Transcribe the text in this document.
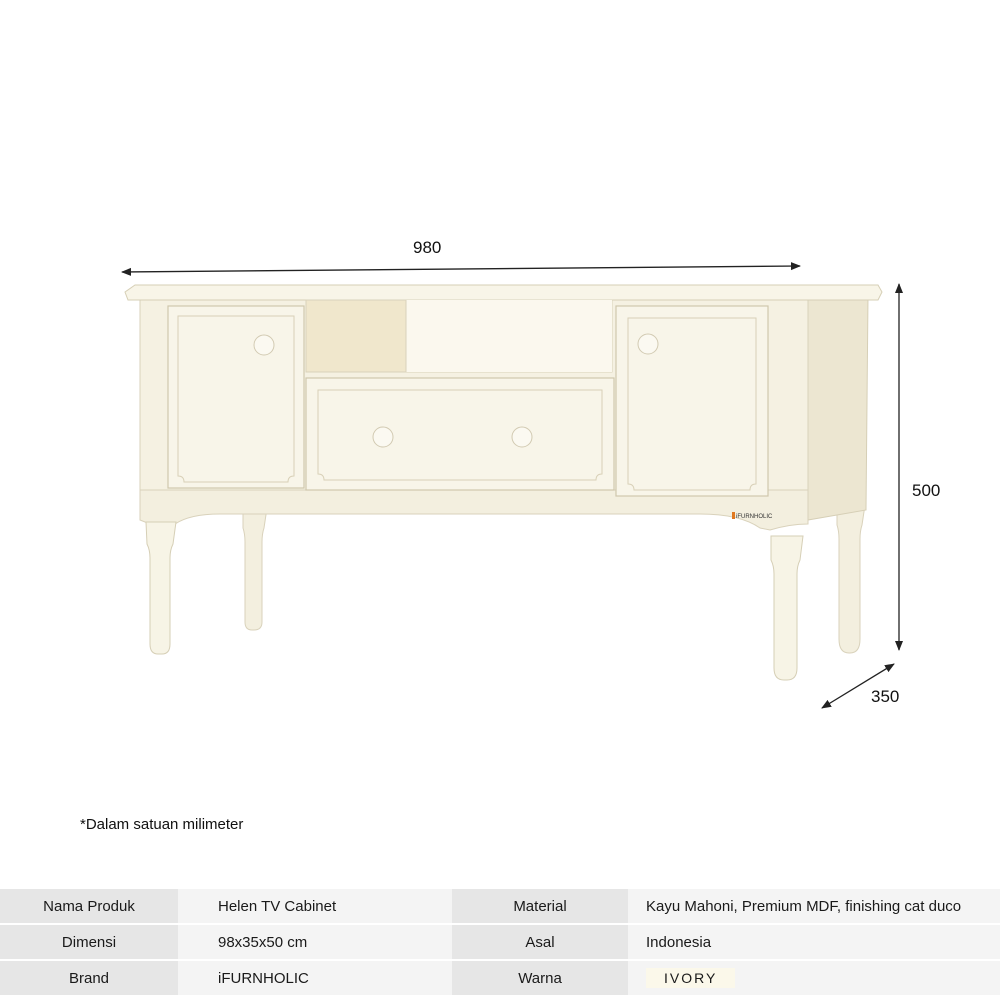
iFURNHOLIC
980
500
350
*Dalam satuan milimeter
Nama Produk	Helen TV Cabinet	Material	Kayu Mahoni, Premium MDF, finishing cat duco
Dimensi	98x35x50 cm	Asal	Indonesia
Brand	iFURNHOLIC	Warna	IVORY
